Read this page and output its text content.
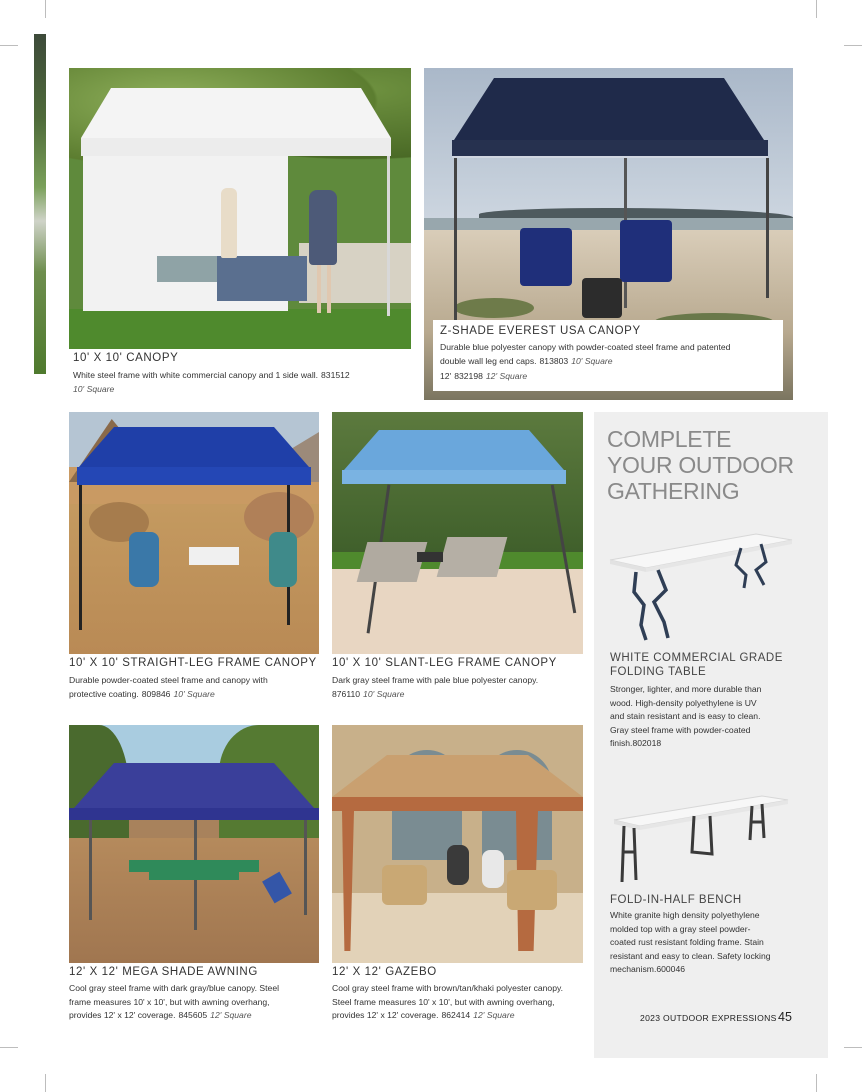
10' X 10' CANOPY
White steel frame with white commercial canopy and 1 side wall. 831512
10' Square
Z-SHADE EVEREST USA CANOPY
Durable blue polyester canopy with powder-coated steel frame and patented
double wall leg end caps. 813803 10' Square
12' 832198 12' Square
10' X 10' STRAIGHT-LEG FRAME CANOPY
Durable powder-coated steel frame and canopy with
protective coating. 809846 10' Square
10' X 10' SLANT-LEG FRAME CANOPY
Dark gray steel frame with pale blue polyester canopy.
876110 10' Square
12' X 12' MEGA SHADE AWNING
Cool gray steel frame with dark gray/blue canopy. Steel
frame measures 10' x 10', but with awning overhang,
provides 12' x 12' coverage. 845605 12' Square
12' X 12' GAZEBO
Cool gray steel frame with brown/tan/khaki polyester canopy.
Steel frame measures 10' x 10', but with awning overhang,
provides 12' x 12' coverage. 862414 12' Square
COMPLETE
YOUR OUTDOOR
GATHERING
WHITE COMMERCIAL GRADE
FOLDING TABLE
Stronger, lighter, and more durable than
wood. High-density polyethylene is UV
and stain resistant and is easy to clean.
Gray steel frame with powder-coated
finish.802018
FOLD-IN-HALF BENCH
White granite high density polyethylene
molded top with a gray steel powder-
coated rust resistant folding frame. Stain
resistant and easy to clean. Safety locking
mechanism.600046
2023 OUTDOOR EXPRESSIONS 45
